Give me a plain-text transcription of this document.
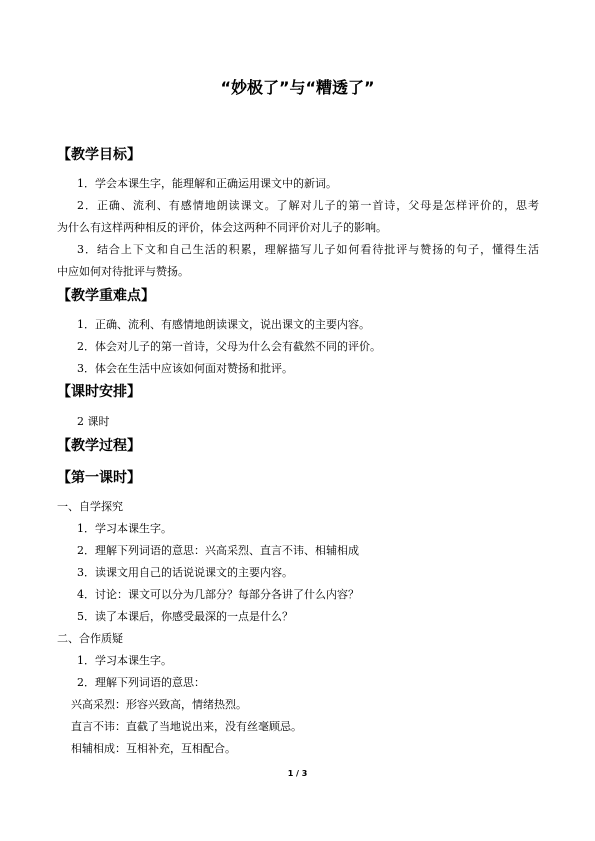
“妙极了”与“糟透了”
【教学目标】
1．学会本课生字，能理解和正确运用课文中的新词。
2．正确、流利、有感情地朗读课文。了解对儿子的第一首诗，父母是怎样评价的，思考
为什么有这样两种相反的评价，体会这两种不同评价对儿子的影响。
3．结合上下文和自己生活的积累，理解描写儿子如何看待批评与赞扬的句子，懂得生活
中应如何对待批评与赞扬。
【教学重难点】
1．正确、流利、有感情地朗读课文，说出课文的主要内容。
2．体会对儿子的第一首诗，父母为什么会有截然不同的评价。
3．体会在生活中应该如何面对赞扬和批评。
【课时安排】
2 课时
【教学过程】
【第一课时】
一、自学探究
1．学习本课生字。
2．理解下列词语的意思：兴高采烈、直言不讳、相辅相成
3．读课文用自己的话说说课文的主要内容。
4．讨论：课文可以分为几部分？每部分各讲了什么内容？
5．读了本课后，你感受最深的一点是什么？
二、合作质疑
1．学习本课生字。
2．理解下列词语的意思：
兴高采烈：形容兴致高，情绪热烈。
直言不讳：直截了当地说出来，没有丝毫顾忌。
相辅相成：互相补充，互相配合。
1 / 3
